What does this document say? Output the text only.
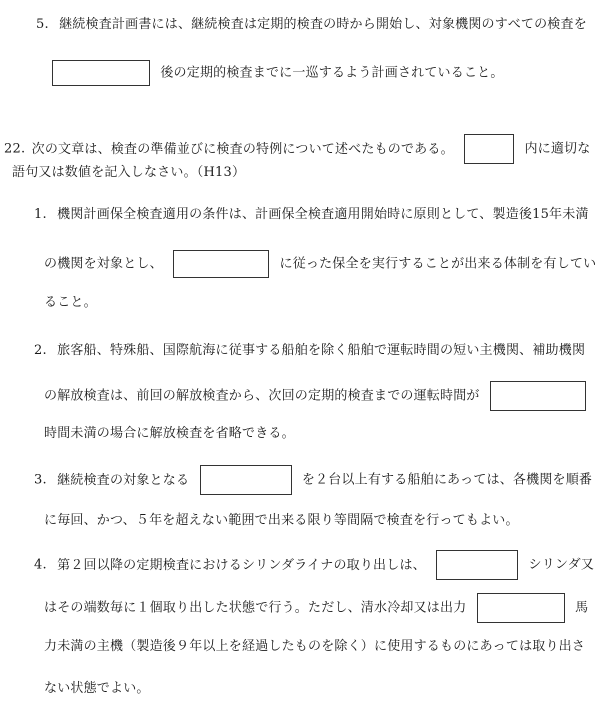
5. 継続検査計画書には、継続検査は定期的検査の時から開始し、対象機関のすべての検査を
後の定期的検査までに一巡するよう計画されていること。
22. 次の文章は、検査の準備並びに検査の特例について述べたものである。	内に適切な
語句又は数値を記入しなさい。（H13）
1. 機関計画保全検査適用の条件は、計画保全検査適用開始時に原則として、製造後15年未満
の機関を対象とし、	に従った保全を実行することが出来る体制を有してい
ること。
2. 旅客船、特殊船、国際航海に従事する船舶を除く船舶で運転時間の短い主機関、補助機関
の解放検査は、前回の解放検査から、次回の定期的検査までの運転時間が
時間未満の場合に解放検査を省略できる。
3. 継続検査の対象となる	を２台以上有する船舶にあっては、各機関を順番
に毎回、かつ、５年を超えない範囲で出来る限り等間隔で検査を行ってもよい。
4. 第２回以降の定期検査におけるシリンダライナの取り出しは、	シリンダ又
はその端数毎に１個取り出した状態で行う。ただし、清水冷却又は出力	馬
力未満の主機（製造後９年以上を経過したものを除く）に使用するものにあっては取り出さ
ない状態でよい。
